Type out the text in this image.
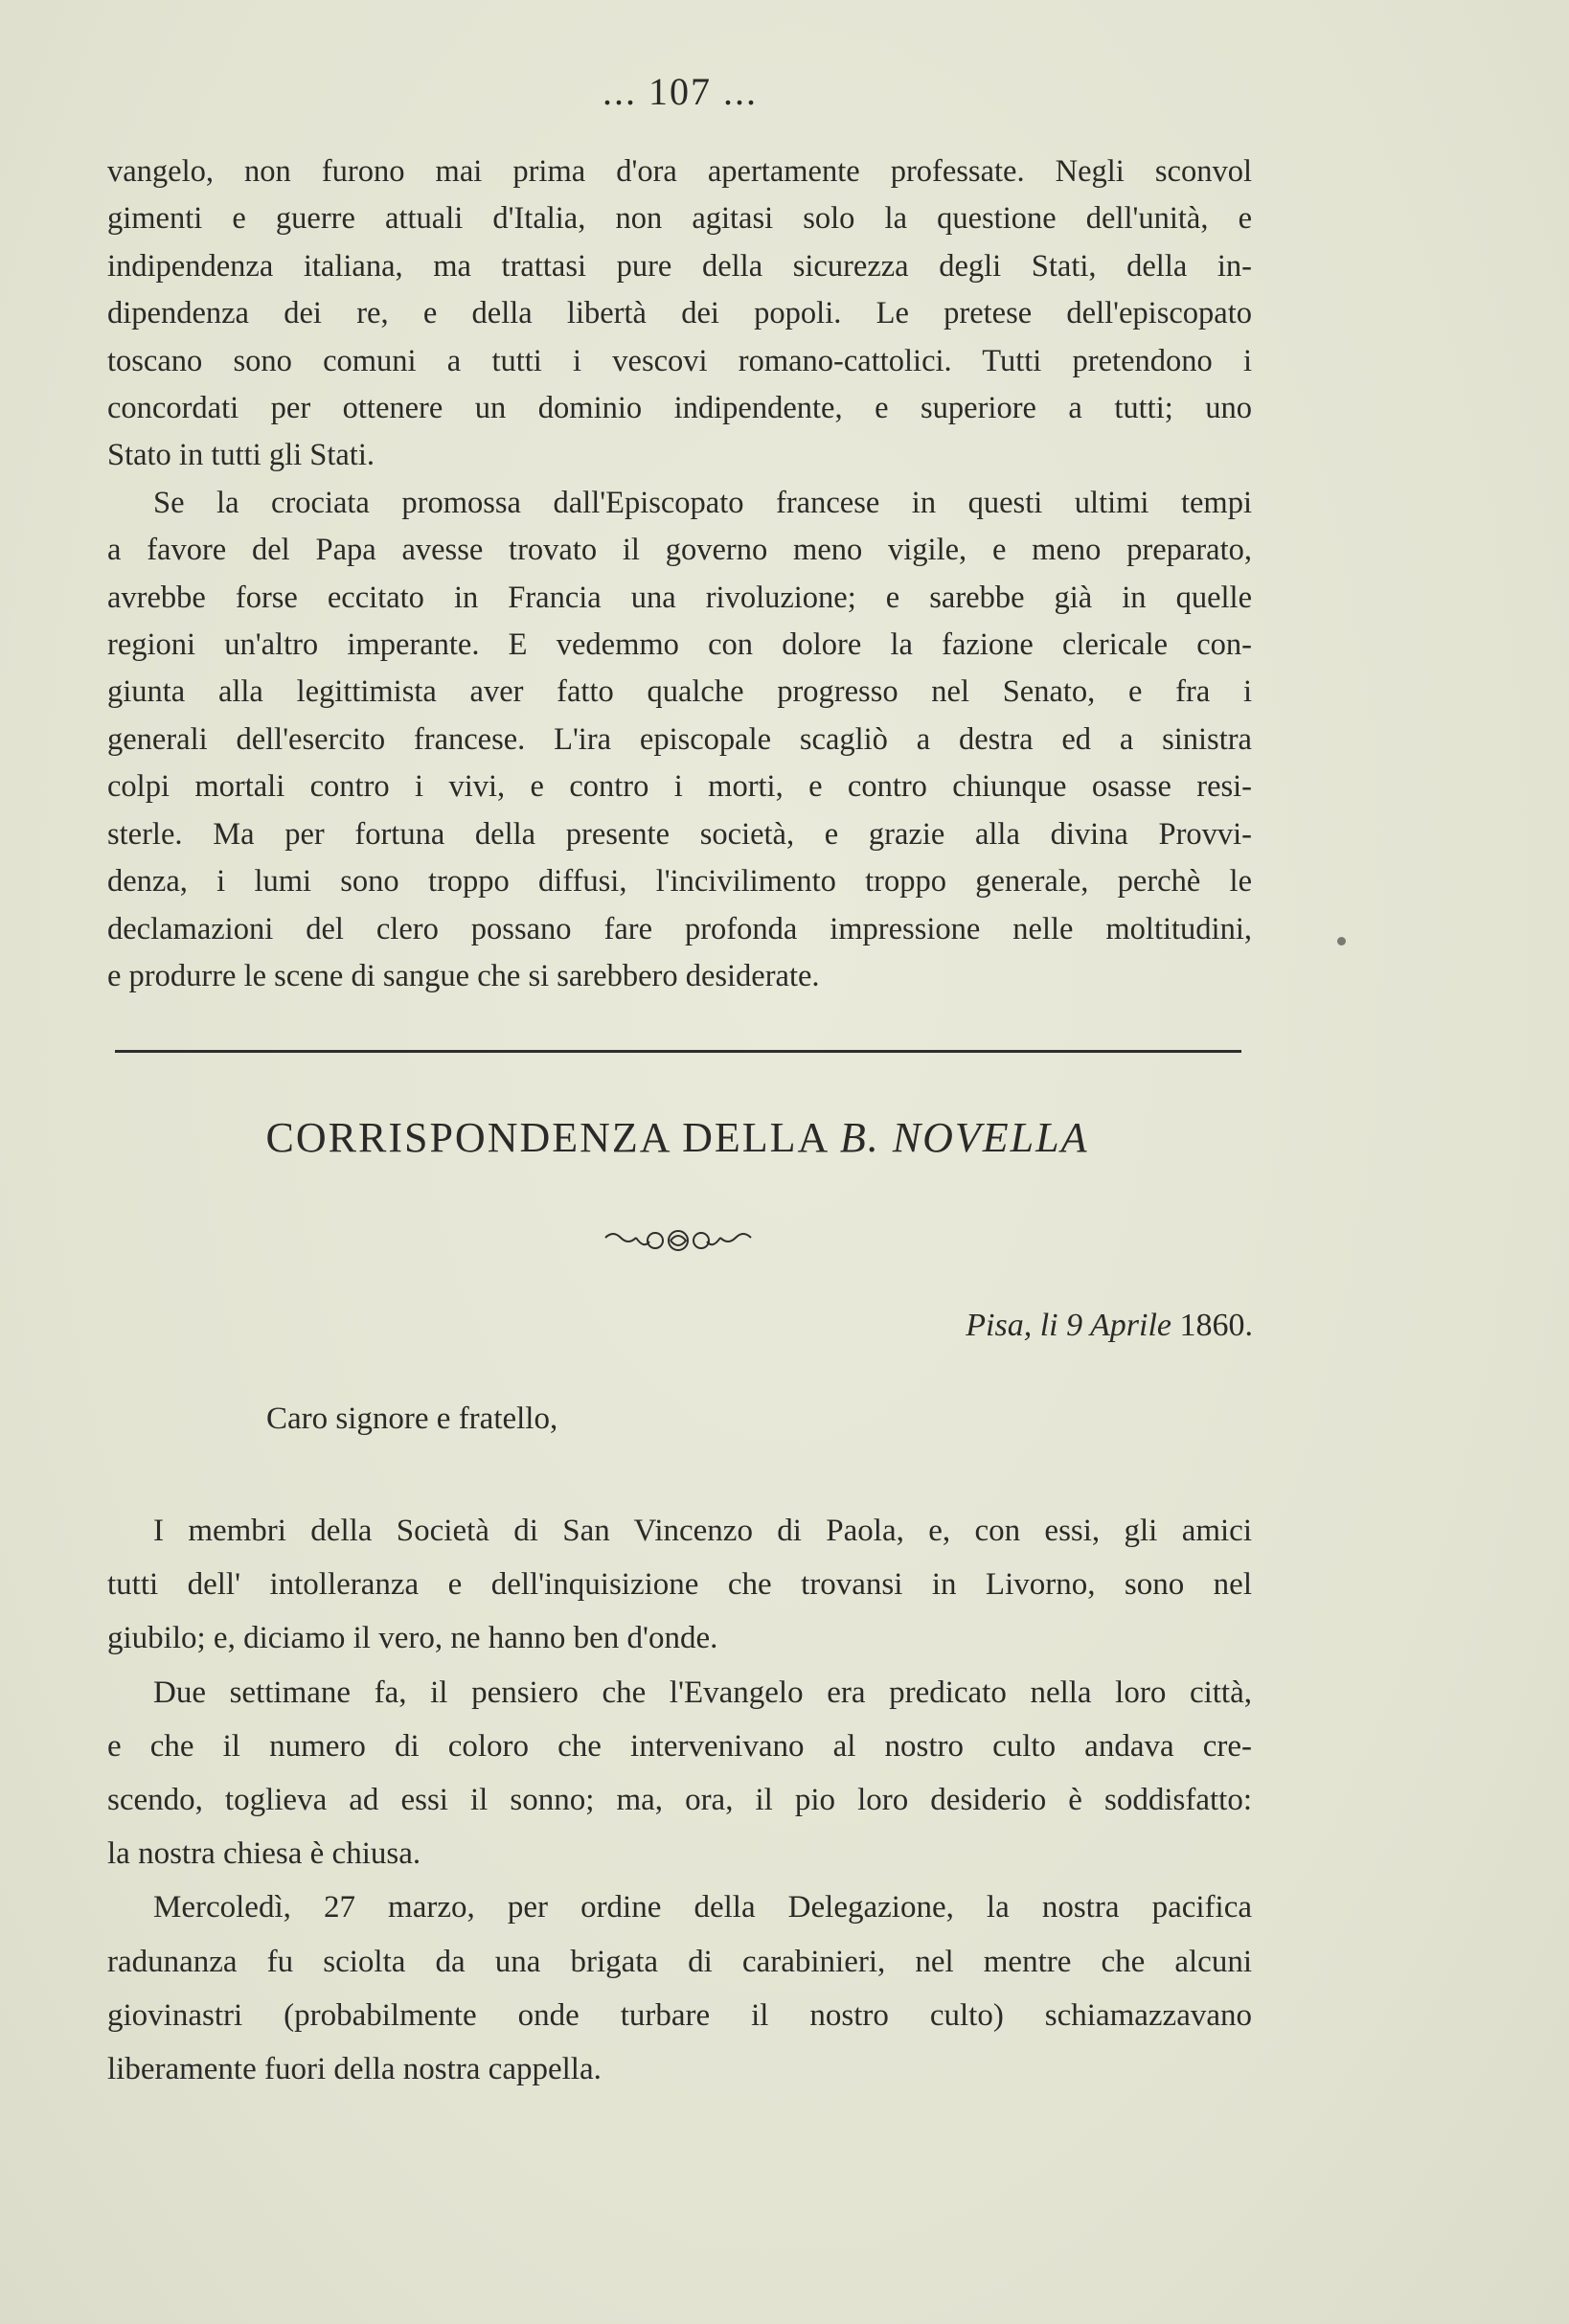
... 107 ...
vangelo, non furono mai prima d'ora apertamente professate. Negli sconvol
gimenti e guerre attuali d'Italia, non agitasi solo la questione dell'unità, e
indipendenza italiana, ma trattasi pure della sicurezza degli Stati, della in-
dipendenza dei re, e della libertà dei popoli. Le pretese dell'episcopato
toscano sono comuni a tutti i vescovi romano-cattolici. Tutti pretendono i
concordati per ottenere un dominio indipendente, e superiore a tutti; uno
Stato in tutti gli Stati.
Se la crociata promossa dall'Episcopato francese in questi ultimi tempi
a favore del Papa avesse trovato il governo meno vigile, e meno preparato,
avrebbe forse eccitato in Francia una rivoluzione; e sarebbe già in quelle
regioni un'altro imperante. E vedemmo con dolore la fazione clericale con-
giunta alla legittimista aver fatto qualche progresso nel Senato, e fra i
generali dell'esercito francese. L'ira episcopale scagliò a destra ed a sinistra
colpi mortali contro i vivi, e contro i morti, e contro chiunque osasse resi-
sterle. Ma per fortuna della presente società, e grazie alla divina Provvi-
denza, i lumi sono troppo diffusi, l'incivilimento troppo generale, perchè le
declamazioni del clero possano fare profonda impressione nelle moltitudini,
e produrre le scene di sangue che si sarebbero desiderate.
CORRISPONDENZA DELLA B. NOVELLA
Pisa, li 9 Aprile 1860.
Caro signore e fratello,
I membri della Società di San Vincenzo di Paola, e, con essi, gli amici
tutti dell' intolleranza e dell'inquisizione che trovansi in Livorno, sono nel
giubilo; e, diciamo il vero, ne hanno ben d'onde.
Due settimane fa, il pensiero che l'Evangelo era predicato nella loro città,
e che il numero di coloro che intervenivano al nostro culto andava cre-
scendo, toglieva ad essi il sonno; ma, ora, il pio loro desiderio è soddisfatto:
la nostra chiesa è chiusa.
Mercoledì, 27 marzo, per ordine della Delegazione, la nostra pacifica
radunanza fu sciolta da una brigata di carabinieri, nel mentre che alcuni
giovinastri (probabilmente onde turbare il nostro culto) schiamazzavano
liberamente fuori della nostra cappella.
